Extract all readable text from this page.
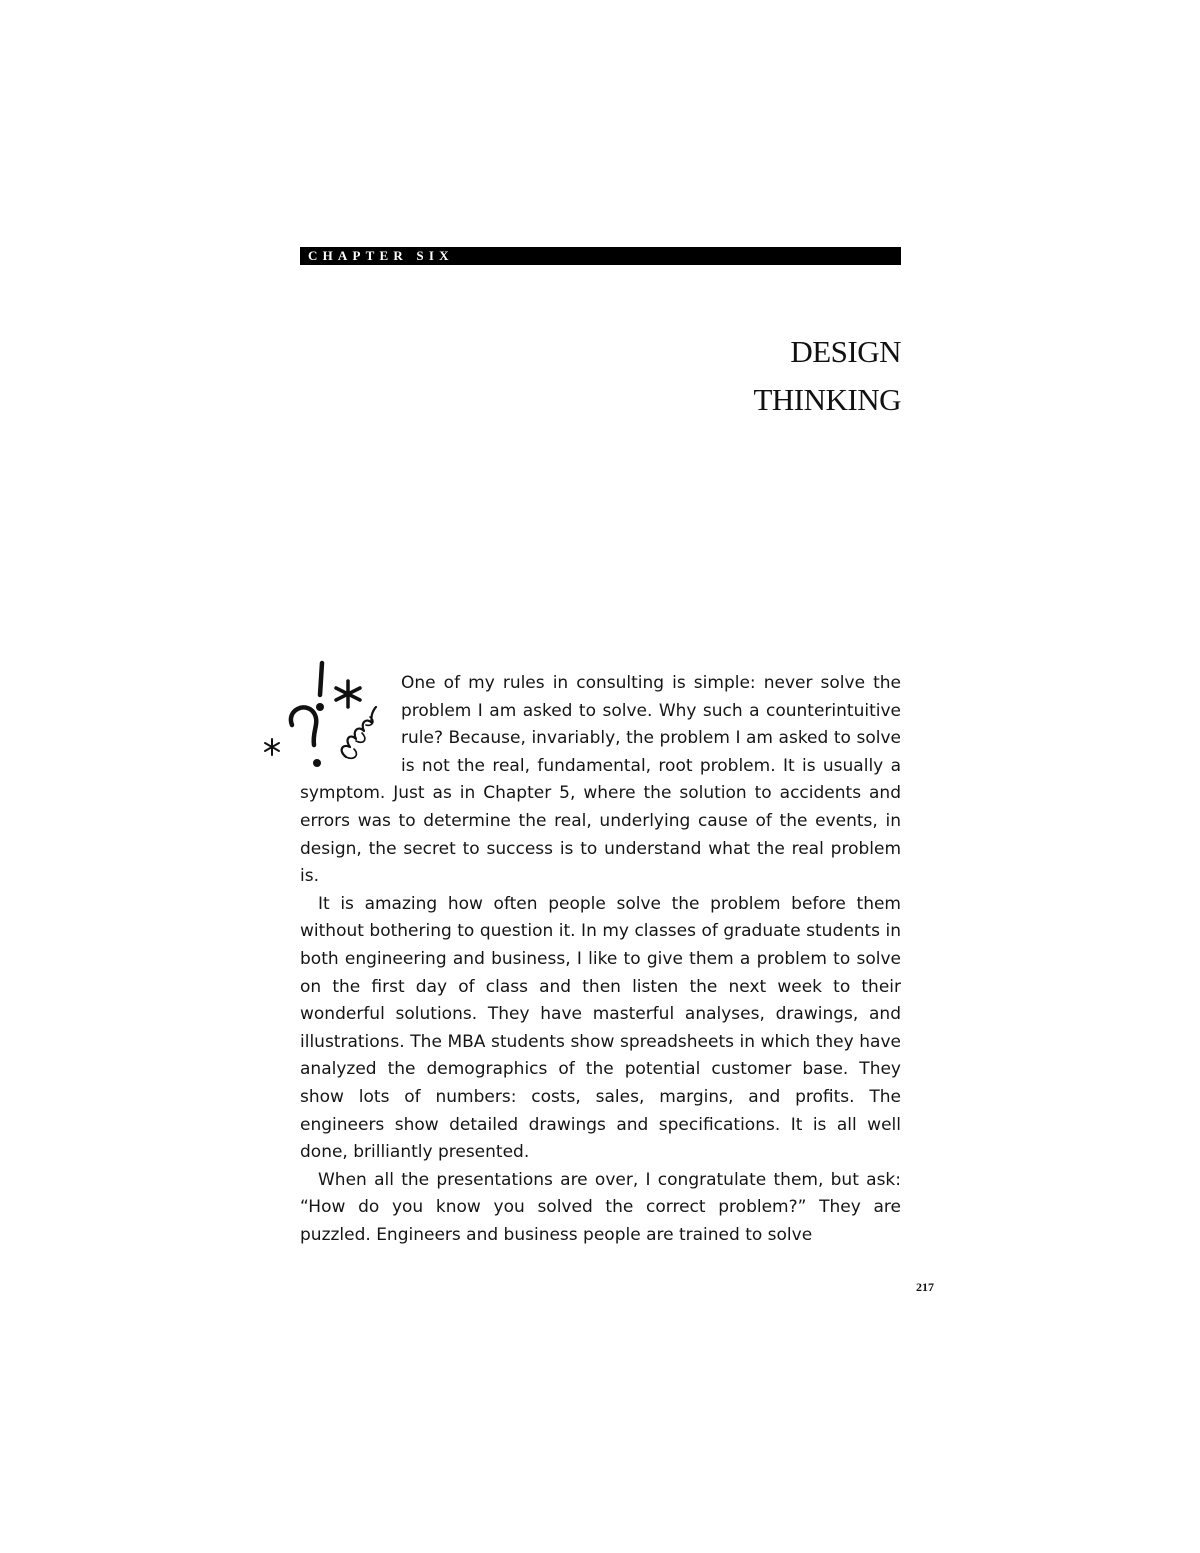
CHAPTER SIX
DESIGN
THINKING

One of my rules in consulting is simple: never solve the problem I am asked to solve. Why such a counterintuitive rule? Because, invariably, the problem I am asked to solve is not the real, fundamental, root problem. It is usually a symptom. Just as in Chapter 5, where the solution to accidents and errors was to determine the real, underlying cause of the events, in design, the secret to success is to understand what the real problem is.

It is amazing how often people solve the problem before them without bothering to question it. In my classes of graduate students in both engineering and business, I like to give them a problem to solve on the first day of class and then listen the next week to their wonderful solutions. They have masterful analyses, drawings, and illustrations. The MBA students show spreadsheets in which they have analyzed the demographics of the potential customer base. They show lots of numbers: costs, sales, margins, and profits. The engineers show detailed drawings and specifications. It is all well done, brilliantly presented.

When all the presentations are over, I congratulate them, but ask: “How do you know you solved the correct problem?” They are puzzled. Engineers and business people are trained to solve

217
